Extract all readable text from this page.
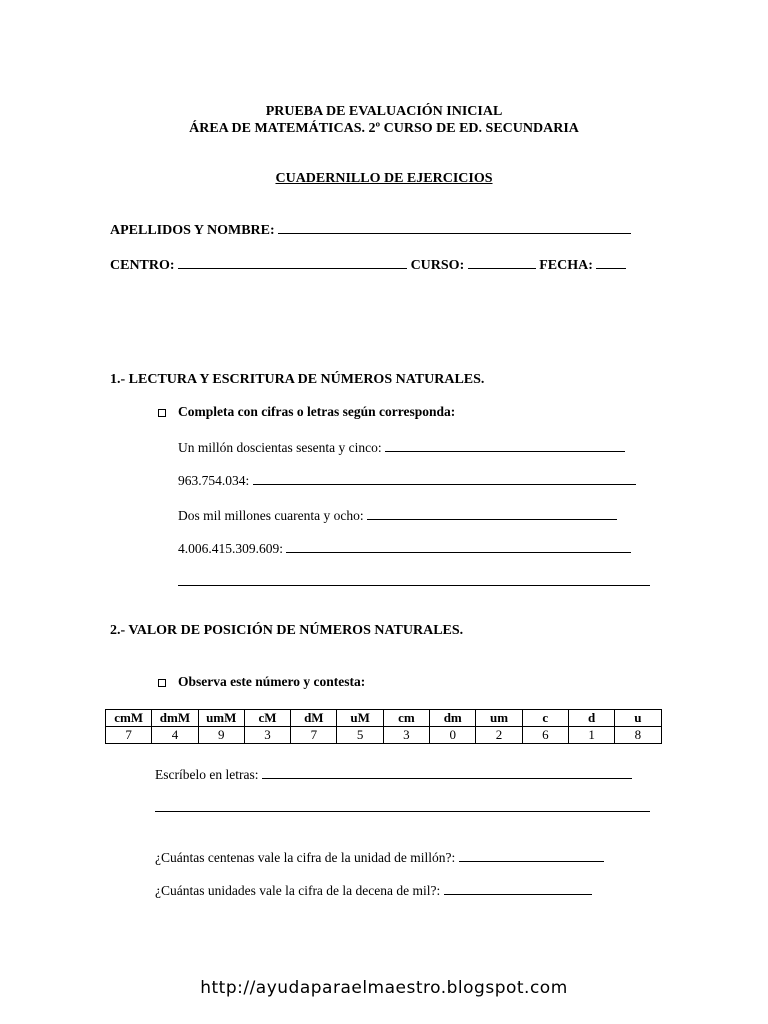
PRUEBA DE EVALUACIÓN INICIAL
ÁREA DE MATEMÁTICAS. 2º CURSO DE ED. SECUNDARIA
CUADERNILLO DE EJERCICIOS
APELLIDOS Y NOMBRE:
CENTRO:	CURSO:	FECHA:
1.- LECTURA Y ESCRITURA DE NÚMEROS NATURALES.
Completa con cifras o letras según corresponda:
Un millón doscientas sesenta y cinco:
963.754.034:
Dos mil millones cuarenta y ocho:
4.006.415.309.609:
2.- VALOR DE POSICIÓN DE NÚMEROS NATURALES.
Observa este número y contesta:
cmM	dmM	umM	cM	dM	uM	cm	dm	um	c	d	u
7	4	9	3	7	5	3	0	2	6	1	8
Escríbelo en letras:
¿Cuántas centenas vale la cifra de la unidad de millón?:
¿Cuántas unidades vale la cifra de la decena de mil?:
http://ayudaparaelmaestro.blogspot.com
